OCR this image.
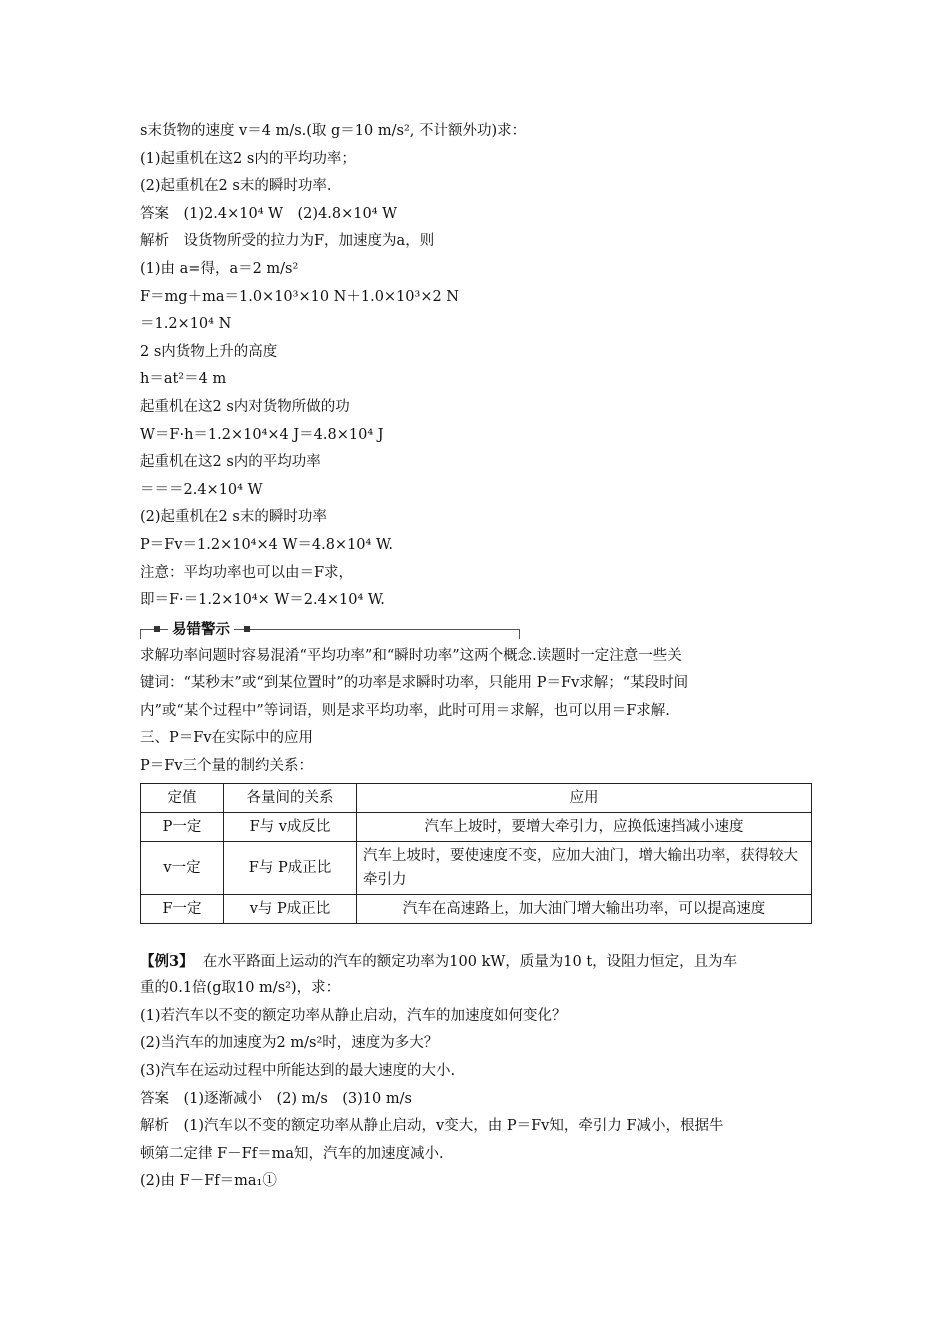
s末货物的速度 v＝4 m/s.(取 g＝10 m/s², 不计额外功)求：
(1)起重机在这2 s内的平均功率；
(2)起重机在2 s末的瞬时功率.
答案　(1)2.4×10⁴ W　(2)4.8×10⁴ W
解析　设货物所受的拉力为F，加速度为a，则
(1)由 a=得，a＝2 m/s²
F＝mg＋ma＝1.0×10³×10 N＋1.0×10³×2 N
＝1.2×10⁴ N
2 s内货物上升的高度
h＝at²＝4 m
起重机在这2 s内对货物所做的功
W＝F·h＝1.2×10⁴×4 J＝4.8×10⁴ J
起重机在这2 s内的平均功率
＝＝＝2.4×10⁴ W
(2)起重机在2 s末的瞬时功率
P＝Fv＝1.2×10⁴×4 W＝4.8×10⁴ W.
注意：平均功率也可以由＝F求，
即＝F·＝1.2×10⁴× W＝2.4×10⁴ W.
易错警示
求解功率问题时容易混淆“平均功率”和“瞬时功率”这两个概念.读题时一定注意一些关
键词：“某秒末”或“到某位置时”的功率是求瞬时功率，只能用 P＝Fv求解；“某段时间
内”或“某个过程中”等词语，则是求平均功率，此时可用＝求解，也可以用＝F求解.
三、P＝Fv在实际中的应用
P＝Fv三个量的制约关系：
定值	各量间的关系	应用
P一定	F与 v成反比	汽车上坡时，要增大牵引力，应换低速挡减小速度
v一定	F与 P成正比	汽车上坡时，要使速度不变，应加大油门，增大输出功率，获得较大牵引力
F一定	v与 P成正比	汽车在高速路上，加大油门增大输出功率，可以提高速度
【例3】 在水平路面上运动的汽车的额定功率为100 kW，质量为10 t，设阻力恒定，且为车
重的0.1倍(g取10 m/s²)，求：
(1)若汽车以不变的额定功率从静止启动，汽车的加速度如何变化？
(2)当汽车的加速度为2 m/s²时，速度为多大？
(3)汽车在运动过程中所能达到的最大速度的大小.
答案　(1)逐渐减小　(2) m/s　(3)10 m/s
解析　(1)汽车以不变的额定功率从静止启动，v变大，由 P＝Fv知，牵引力 F减小，根据牛
顿第二定律 F－Ff＝ma知，汽车的加速度减小.
(2)由 F－Ff＝ma₁①
